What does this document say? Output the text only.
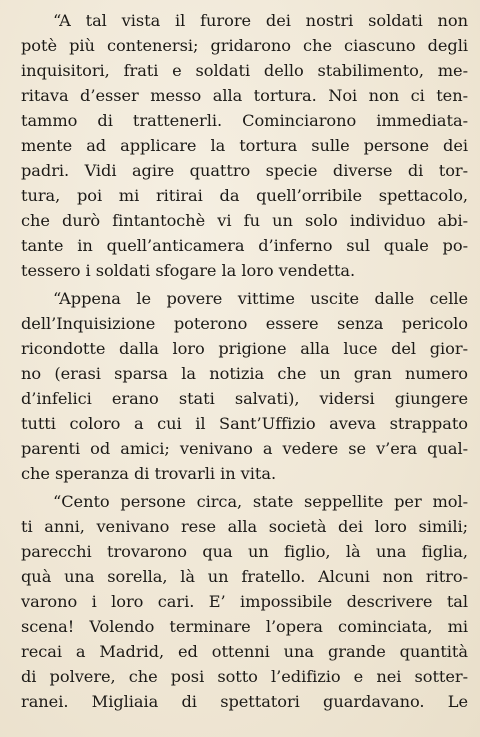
“A tal vista il furore dei nostri soldati non
potè più contenersi; gridarono che ciascuno degli
inquisitori, frati e soldati dello stabilimento, me-
ritava d’esser messo alla tortura. Noi non ci ten-
tammo di trattenerli. Cominciarono immediata-
mente ad applicare la tortura sulle persone dei
padri. Vidi agire quattro specie diverse di tor-
tura, poi mi ritirai da quell’orribile spettacolo,
che durò fintantochè vi fu un solo individuo abi-
tante in quell’anticamera d’inferno sul quale po-
tessero i soldati sfogare la loro vendetta.
“Appena le povere vittime uscite dalle celle
dell’Inquisizione poterono essere senza pericolo
ricondotte dalla loro prigione alla luce del gior-
no (erasi sparsa la notizia che un gran numero
d’infelici erano stati salvati), vidersi giungere
tutti coloro a cui il Sant’Uffizio aveva strappato
parenti od amici; venivano a vedere se v’era qual-
che speranza di trovarli in vita.
“Cento persone circa, state seppellite per mol-
ti anni, venivano rese alla società dei loro simili;
parecchi trovarono qua un figlio, là una figlia,
quà una sorella, là un fratello. Alcuni non ritro-
varono i loro cari. E’ impossibile descrivere tal
scena! Volendo terminare l’opera cominciata, mi
recai a Madrid, ed ottenni una grande quantità
di polvere, che posi sotto l’edifizio e nei sotter-
ranei. Migliaia di spettatori guardavano. Le
